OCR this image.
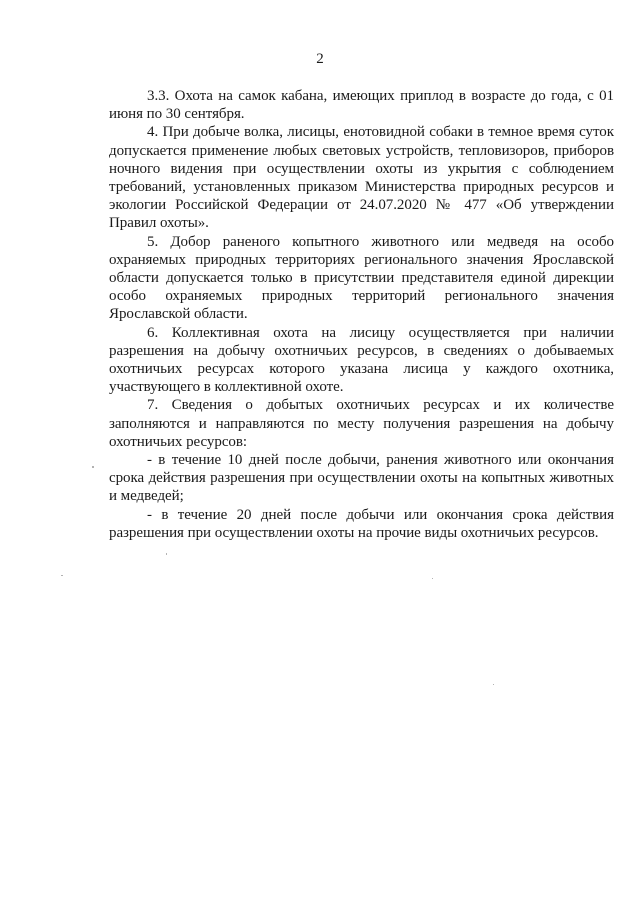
2

3.3. Охота на самок кабана, имеющих приплод в возрасте до года, с 01 июня по 30 сентября.

4. При добыче волка, лисицы, енотовидной собаки в темное время суток допускается применение любых световых устройств, тепловизоров, приборов ночного видения при осуществлении охоты из укрытия с соблюдением требований, установленных приказом Министерства природных ресурсов и экологии Российской Федерации от 24.07.2020 № 477 «Об утверждении Правил охоты».

5. Добор раненого копытного животного или медведя на особо охраняемых природных территориях регионального значения Ярославской области допускается только в присутствии представителя единой дирекции особо охраняемых природных территорий регионального значения Ярославской области.

6. Коллективная охота на лисицу осуществляется при наличии разрешения на добычу охотничьих ресурсов, в сведениях о добываемых охотничьих ресурсах которого указана лисица у каждого охотника, участвующего в коллективной охоте.

7. Сведения о добытых охотничьих ресурсах и их количестве заполняются и направляются по месту получения разрешения на добычу охотничьих ресурсов:

- в течение 10 дней после добычи, ранения животного или окончания срока действия разрешения при осуществлении охоты на копытных животных и медведей;

- в течение 20 дней после добычи или окончания срока действия разрешения при осуществлении охоты на прочие виды охотничьих ресурсов.
